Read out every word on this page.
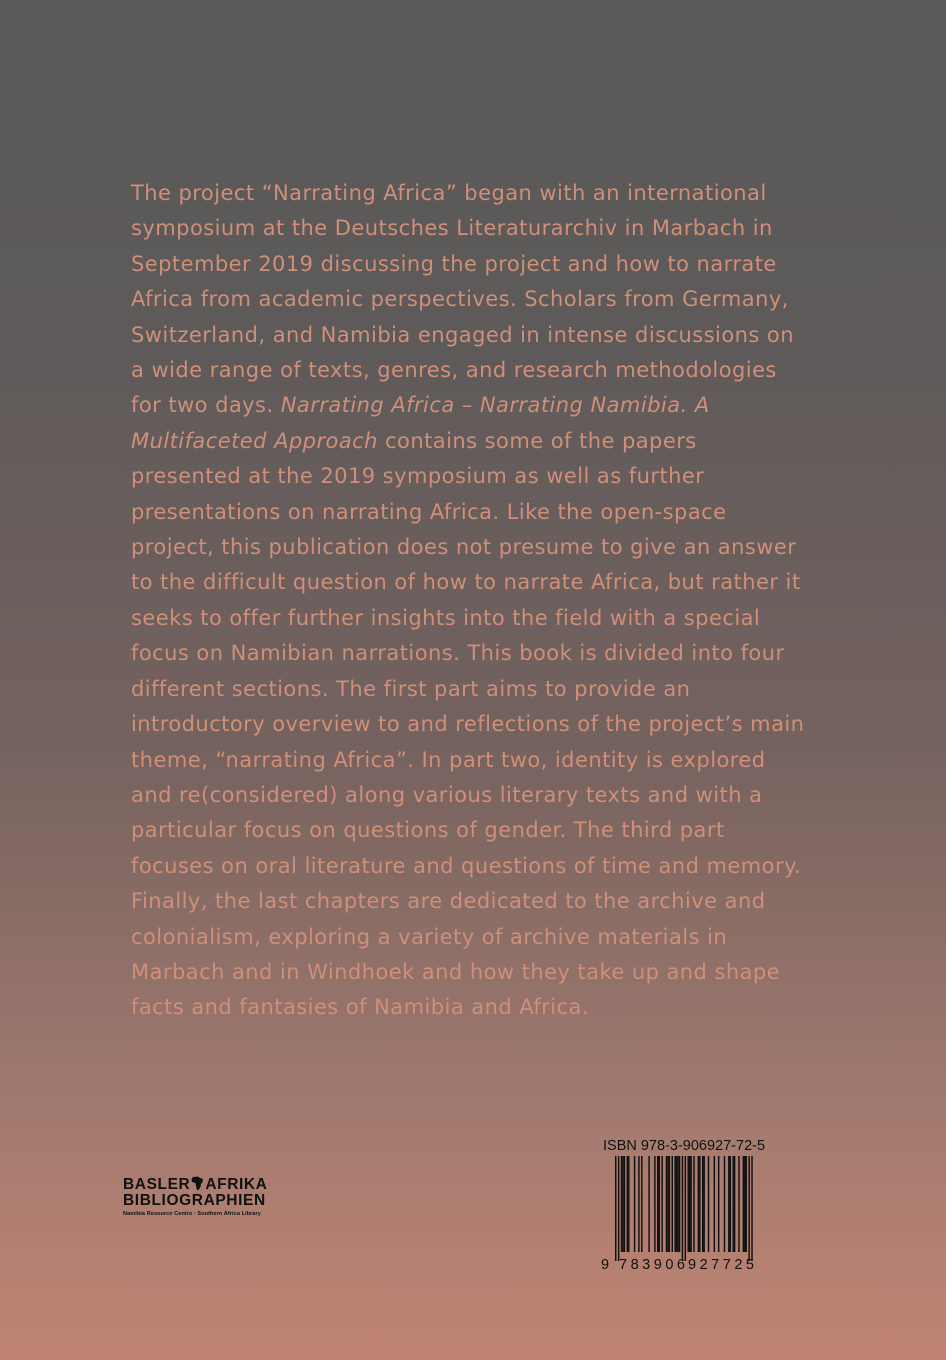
The project “Narrating Africa” began with an international symposium at the Deutsches Literaturarchiv in Marbach in September 2019 discussing the project and how to narrate Africa from academic perspectives. Scholars from Germany, Switzerland, and Namibia engaged in intense discussions on a wide range of texts, genres, and research methodologies for two days. Narrating Africa – Narrating Namibia. A Multifaceted Approach contains some of the papers presented at the 2019 symposium as well as further presentations on narrating Africa. Like the open-space project, this publication does not presume to give an answer to the difficult question of how to narrate Africa, but rather it seeks to offer further insights into the field with a special focus on Namibian narrations. This book is divided into four different sections. The first part aims to provide an introductory overview to and reflections of the project’s main theme, “narrating Africa”. In part two, identity is explored and re(considered) along various literary texts and with a particular focus on questions of gender. The third part focuses on oral literature and questions of time and memory. Finally, the last chapters are dedicated to the archive and colonialism, exploring a variety of archive materials in Marbach and in Windhoek and how they take up and shape facts and fantasies of Namibia and Africa.

BASLER AFRIKA
BIBLIOGRAPHIEN
Namibia Resource Centre · Southern Africa Library
ISBN 978-3-906927-72-5
9 783906 927725
